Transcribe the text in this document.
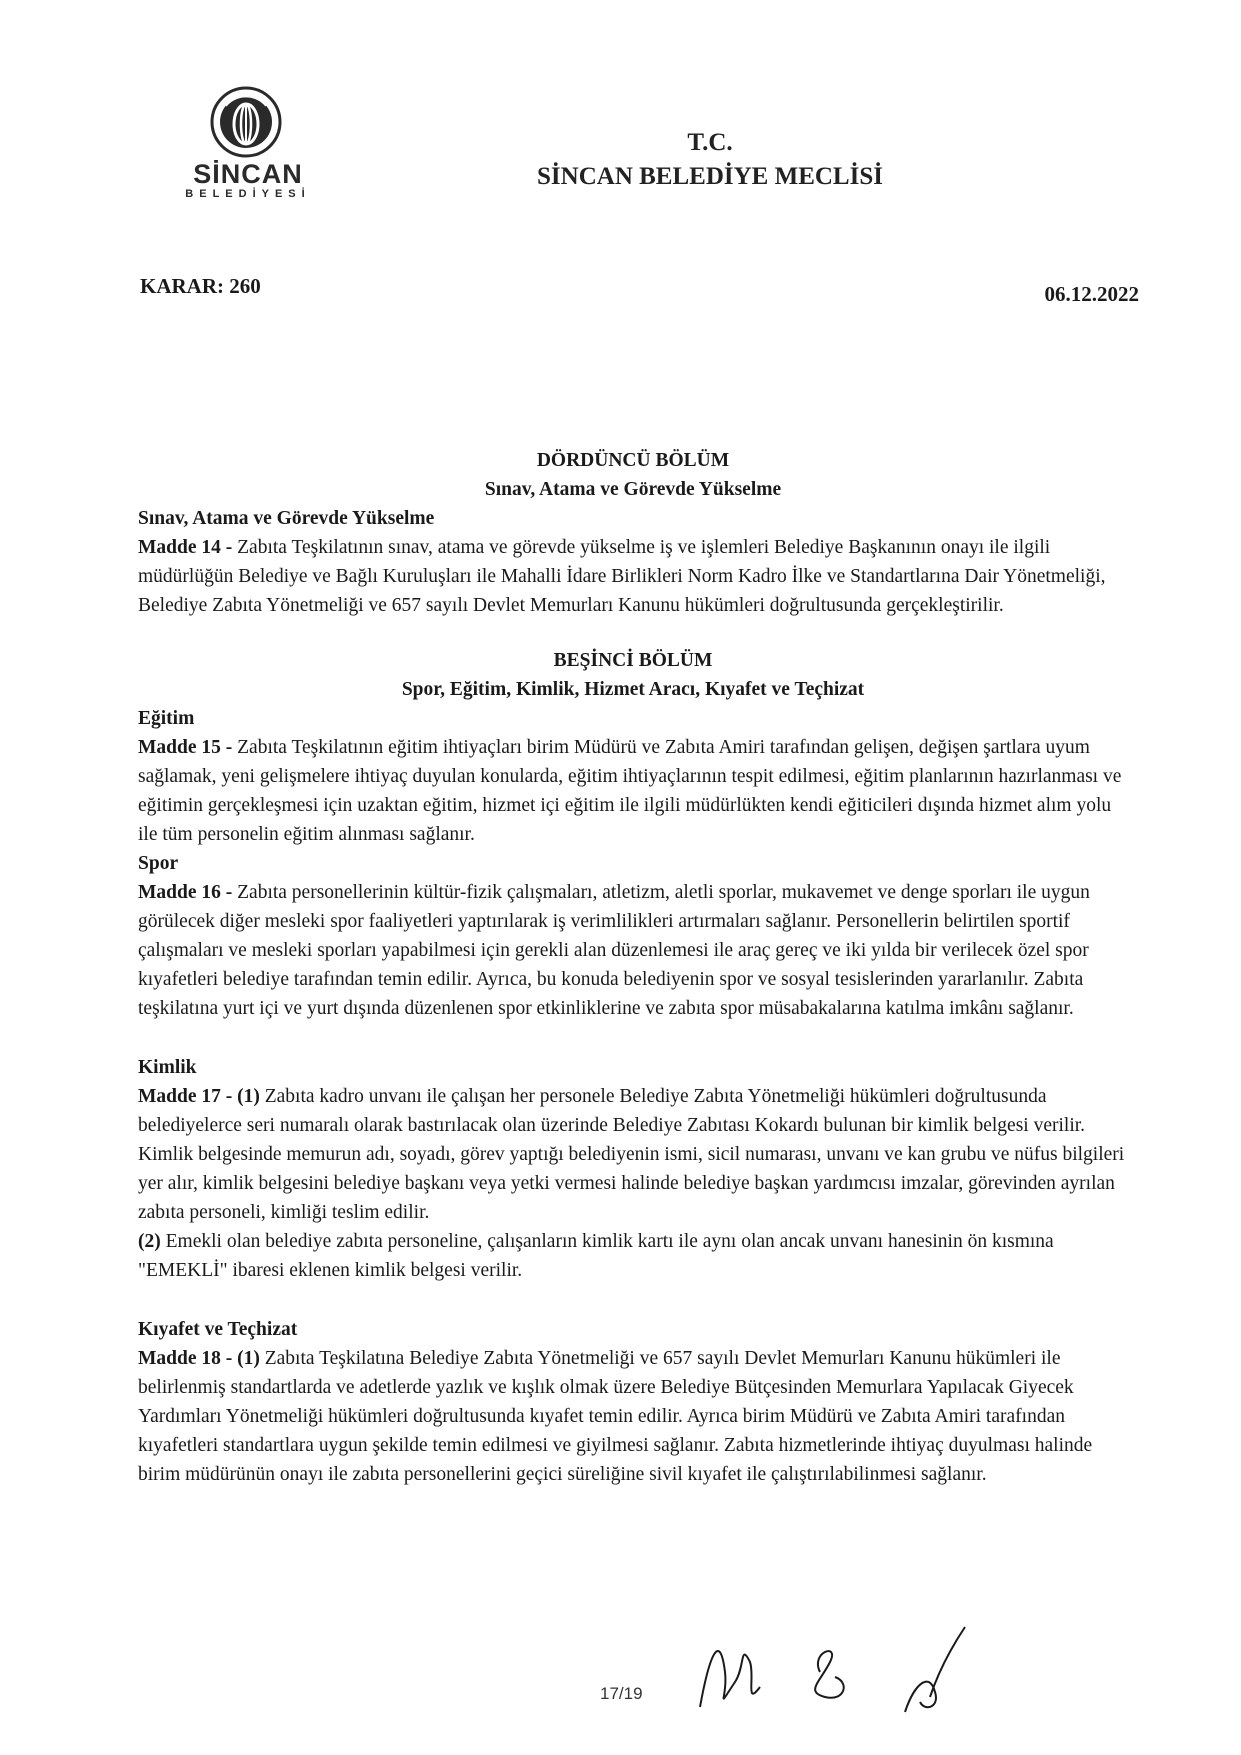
SİNCAN
BELEDİYESİ
T.C.
SİNCAN BELEDİYE MECLİSİ
KARAR: 260	06.12.2022

DÖRDÜNCÜ BÖLÜM

Sınav, Atama ve Görevde Yükselme

Sınav, Atama ve Görevde Yükselme

Madde 14 - Zabıta Teşkilatının sınav, atama ve görevde yükselme iş ve işlemleri Belediye Başkanının onayı ile ilgili müdürlüğün Belediye ve Bağlı Kuruluşları ile Mahalli İdare Birlikleri Norm Kadro İlke ve Standartlarına Dair Yönetmeliği, Belediye Zabıta Yönetmeliği ve 657 sayılı Devlet Memurları Kanunu hükümleri doğrultusunda gerçekleştirilir.

BEŞİNCİ BÖLÜM

Spor, Eğitim, Kimlik, Hizmet Aracı, Kıyafet ve Teçhizat

Eğitim

Madde 15 - Zabıta Teşkilatının eğitim ihtiyaçları birim Müdürü ve Zabıta Amiri tarafından gelişen, değişen şartlara uyum sağlamak, yeni gelişmelere ihtiyaç duyulan konularda, eğitim ihtiyaçlarının tespit edilmesi, eğitim planlarının hazırlanması ve eğitimin gerçekleşmesi için uzaktan eğitim, hizmet içi eğitim ile ilgili müdürlükten kendi eğiticileri dışında hizmet alım yolu ile tüm personelin eğitim alınması sağlanır.

Spor

Madde 16 - Zabıta personellerinin kültür-fizik çalışmaları, atletizm, aletli sporlar, mukavemet ve denge sporları ile uygun görülecek diğer mesleki spor faaliyetleri yaptırılarak iş verimlilikleri artırmaları sağlanır. Personellerin belirtilen sportif çalışmaları ve mesleki sporları yapabilmesi için gerekli alan düzenlemesi ile araç gereç ve iki yılda bir verilecek özel spor kıyafetleri belediye tarafından temin edilir. Ayrıca, bu konuda belediyenin spor ve sosyal tesislerinden yararlanılır. Zabıta teşkilatına yurt içi ve yurt dışında düzenlenen spor etkinliklerine ve zabıta spor müsabakalarına katılma imkânı sağlanır.

Kimlik

Madde 17 - (1) Zabıta kadro unvanı ile çalışan her personele Belediye Zabıta Yönetmeliği hükümleri doğrultusunda belediyelerce seri numaralı olarak bastırılacak olan üzerinde Belediye Zabıtası Kokardı bulunan bir kimlik belgesi verilir. Kimlik belgesinde memurun adı, soyadı, görev yaptığı belediyenin ismi, sicil numarası, unvanı ve kan grubu ve nüfus bilgileri yer alır, kimlik belgesini belediye başkanı veya yetki vermesi halinde belediye başkan yardımcısı imzalar, görevinden ayrılan zabıta personeli, kimliği teslim edilir.

(2) Emekli olan belediye zabıta personeline, çalışanların kimlik kartı ile aynı olan ancak unvanı hanesinin ön kısmına "EMEKLİ" ibaresi eklenen kimlik belgesi verilir.

Kıyafet ve Teçhizat

Madde 18 - (1) Zabıta Teşkilatına Belediye Zabıta Yönetmeliği ve 657 sayılı Devlet Memurları Kanunu hükümleri ile belirlenmiş standartlarda ve adetlerde yazlık ve kışlık olmak üzere Belediye Bütçesinden Memurlara Yapılacak Giyecek Yardımları Yönetmeliği hükümleri doğrultusunda kıyafet temin edilir. Ayrıca birim Müdürü ve Zabıta Amiri tarafından kıyafetleri standartlara uygun şekilde temin edilmesi ve giyilmesi sağlanır. Zabıta hizmetlerinde ihtiyaç duyulması halinde birim müdürünün onayı ile zabıta personellerini geçici süreliğine sivil kıyafet ile çalıştırılabilinmesi sağlanır.

17/19
